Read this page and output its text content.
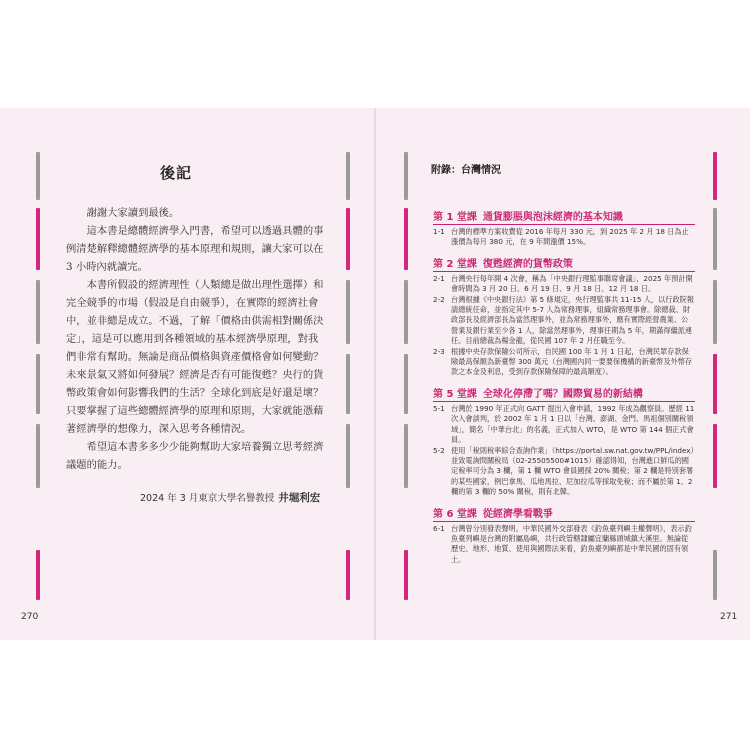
後記

謝謝大家讀到最後。

這本書是總體經濟學入門書，希望可以透過具體的事例清楚解釋總體經濟學的基本原理和規則，讓大家可以在 3 小時內就讀完。

本書所假設的經濟理性（人類總是做出理性選擇）和完全競爭的市場（假設是自由競爭），在實際的經濟社會中，並非總是成立。不過，了解「價格由供需相對關係決定」，這是可以應用到各種領域的基本經濟學原理，對我們非常有幫助。無論是商品價格與資產價格會如何變動？未來景氣又將如何發展？經濟是否有可能復甦？央行的貨幣政策會如何影響我們的生活？全球化到底是好還是壞？只要掌握了這些總體經濟學的原理和原則，大家就能憑藉著經濟學的想像力，深入思考各種情況。

希望這本書多多少少能夠幫助大家培養獨立思考經濟議題的能力。

2024 年 3 月東京大學名譽教授 井堀利宏
270
附錄：台灣情況
第 1 堂課 通貨膨脹與泡沫經濟的基本知識
1-1 台灣的標準方案收費從 2016 年每月 330 元，到 2025 年 2 月 18 日為止漲價為每月 380 元，在 9 年間漲價 15%。
第 2 堂課 復甦經濟的貨幣政策
2-1 台灣央行每年開 4 次會，稱為「中央銀行理監事聯席會議」，2025 年預計開會時間為 3 月 20 日、6 月 19 日、9 月 18 日、12 月 18 日。
2-2 台灣根據《中央銀行法》第 5 條規定，央行理監事共 11-15 人，以行政院報請總統任命，並指定其中 5-7 人為常務理事，組織常務理事會。除總裁、財政部長及經濟部長為當然理事外，並為常務理事外，應有實際經營農業、公營業及銀行業至少各 1 人，除當然理事外，理事任期為 5 年，期滿得繼派連任。目前總裁為楊金龍，從民國 107 年 2 月任職至今。
2-3 根據中央存款保險公司所示，自民國 100 年 1 月 1 日起，台灣民眾存款保險最高保額為新臺幣 300 萬元（台灣國內同一要要保機構的新臺幣及外幣存款之本金及利息，受到存款保險保障的最高額度）。
第 5 堂課 全球化停滯了嗎？國際貿易的新結構
5-1 台灣於 1990 年正式向 GATT 提出入會申請，1992 年成為觀察員。歷經 11 次入會談判，於 2002 年 1 月 1 日以「台灣、澎湖、金門、馬祖個別關稅領域」，簡名「中華台北」的名義，正式加入 WTO，是 WTO 第 144 個正式會員。
5-2 使用「稅則稅率綜合查詢作業」（https://portal.sw.nat.gov.tw/PPL/index）並致電詢問關稅局（02-25505500#1015）確認得知，台灣進口鮮瓜的國定稅率可分為 3 欄，第 1 欄 WTO 會員國採 20% 關稅；第 2 欄是特別套署的某些國家，例巴拿馬、瓜地馬拉、尼加拉瓜等採取免稅；而不屬於第 1、2 欄的第 3 欄的 50% 關稅，則有北韓。
第 6 堂課 從經濟學看戰爭
6-1 台灣曾分別發表聲明。中華民國外交部發表《釣魚臺列嶼主權聲明》，表示釣魚臺列嶼是台灣的附屬島嶼，共行政管轄隸屬宜蘭縣頭城鎮大溪里。無論從歷史、地形、地質、使用與國際法來看，釣魚臺列嶼都是中華民國的固有領土。
271
